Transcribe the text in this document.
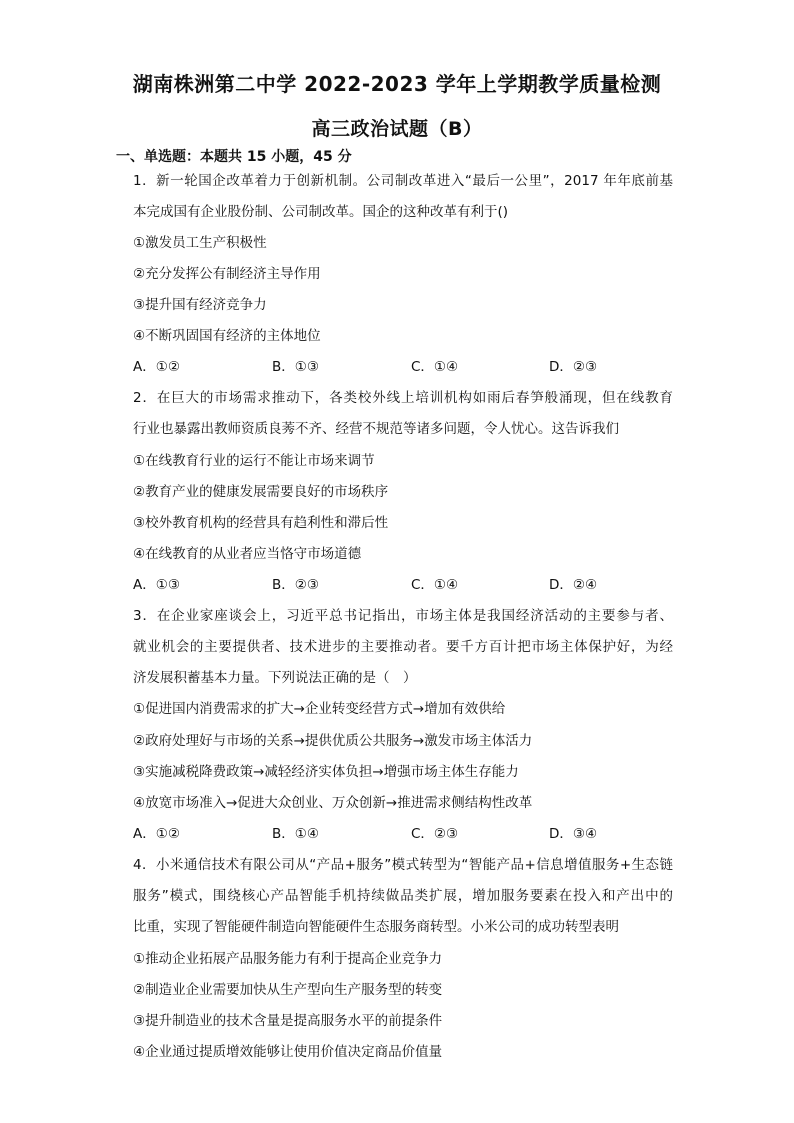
湖南株洲第二中学 2022-2023 学年上学期教学质量检测
高三政治试题（B）
一、单选题：本题共 15 小题，45 分
1．新一轮国企改革着力于创新机制。公司制改革进入“最后一公里”，2017 年年底前基
本完成国有企业股份制、公司制改革。国企的这种改革有利于()
①激发员工生产积极性
②充分发挥公有制经济主导作用
③提升国有经济竞争力
④不断巩固国有经济的主体地位
A．①②	B．①③	C．①④	D．②③
2．在巨大的市场需求推动下，各类校外线上培训机构如雨后春笋般涌现，但在线教育
行业也暴露出教师资质良莠不齐、经营不规范等诸多问题，令人忧心。这告诉我们
①在线教育行业的运行不能让市场来调节
②教育产业的健康发展需要良好的市场秩序
③校外教育机构的经营具有趋利性和滞后性
④在线教育的从业者应当恪守市场道德
A．①③	B．②③	C．①④	D．②④
3．在企业家座谈会上，习近平总书记指出，市场主体是我国经济活动的主要参与者、
就业机会的主要提供者、技术进步的主要推动者。要千方百计把市场主体保护好，为经
济发展积蓄基本力量。下列说法正确的是（　）
①促进国内消费需求的扩大→企业转变经营方式→增加有效供给
②政府处理好与市场的关系→提供优质公共服务→激发市场主体活力
③实施减税降费政策→减轻经济实体负担→增强市场主体生存能力
④放宽市场准入→促进大众创业、万众创新→推进需求侧结构性改革
A．①②	B．①④	C．②③	D．③④
4．小米通信技术有限公司从“产品+服务”模式转型为“智能产品+信息增值服务+生态链
服务”模式，围绕核心产品智能手机持续做品类扩展，增加服务要素在投入和产出中的
比重，实现了智能硬件制造向智能硬件生态服务商转型。小米公司的成功转型表明
①推动企业拓展产品服务能力有利于提高企业竞争力
②制造业企业需要加快从生产型向生产服务型的转变
③提升制造业的技术含量是提高服务水平的前提条件
④企业通过提质增效能够让使用价值决定商品价值量
